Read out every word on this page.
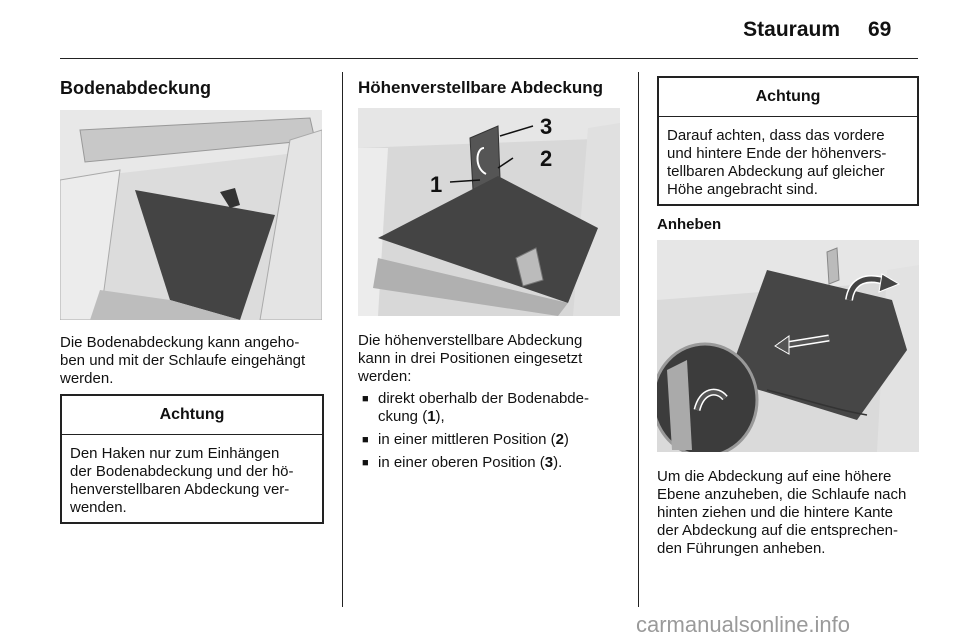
Stauraum 69
Bodenabdeckung
Die Bodenabdeckung kann angeho-
ben und mit der Schlaufe eingehängt
werden.
Achtung
Den Haken nur zum Einhängen
der Bodenabdeckung und der hö-
henverstellbaren Abdeckung ver-
wenden.
Höhenverstellbare Abdeckung
1
2
3
Die höhenverstellbare Abdeckung
kann in drei Positionen eingesetzt
werden:
■ direkt oberhalb der Bodenabde-
ckung (1),
■ in einer mittleren Position (2)
■ in einer oberen Position (3).
Achtung
Darauf achten, dass das vordere
und hintere Ende der höhenvers-
tellbaren Abdeckung auf gleicher
Höhe angebracht sind.
Anheben
Um die Abdeckung auf eine höhere
Ebene anzuheben, die Schlaufe nach
hinten ziehen und die hintere Kante
der Abdeckung auf die entsprechen-
den Führungen anheben.
carmanualsonline.info
